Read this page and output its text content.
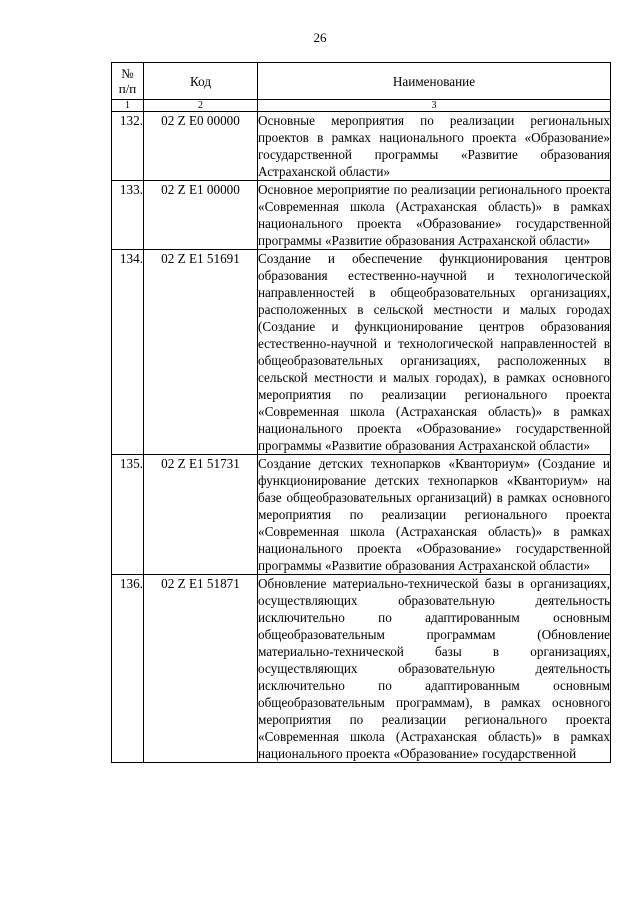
26
№
п/п	Код	Наименование
1	2	3
132.	02 Z E0 00000	Основные мероприятия по реализации региональных проектов в рамках национального проекта «Образование» государственной программы «Развитие образования Астраханской области»
133.	02 Z E1 00000	Основное мероприятие по реализации регионального проекта «Современная школа (Астраханская область)» в рамках национального проекта «Образование» государственной программы «Развитие образования Астраханской области»
134.	02 Z E1 51691	Создание и обеспечение функционирования центров образования естественно-научной и технологической направленностей в общеобразовательных организациях, расположенных в сельской местности и малых городах (Создание и функционирование центров образования естественно-научной и технологической направленностей в общеобразовательных организациях, расположенных в сельской местности и малых городах), в рамках основного мероприятия по реализации регионального проекта «Современная школа (Астраханская область)» в рамках национального проекта «Образование» государственной программы «Развитие образования Астраханской области»
135.	02 Z E1 51731	Создание детских технопарков «Кванториум» (Создание и функционирование детских технопарков «Кванториум» на базе общеобразовательных организаций) в рамках основного мероприятия по реализации регионального проекта «Современная школа (Астраханская область)» в рамках национального проекта «Образование» государственной программы «Развитие образования Астраханской области»
136.	02 Z E1 51871	Обновление материально-технической базы в организациях, осуществляющих образовательную деятельность исключительно по адаптированным основным общеобразовательным программам (Обновление материально-технической базы в организациях, осуществляющих образовательную деятельность исключительно по адаптированным основным общеобразовательным программам), в рамках основного мероприятия по реализации регионального проекта «Современная школа (Астраханская область)» в рамках национального проекта «Образование» государственной
